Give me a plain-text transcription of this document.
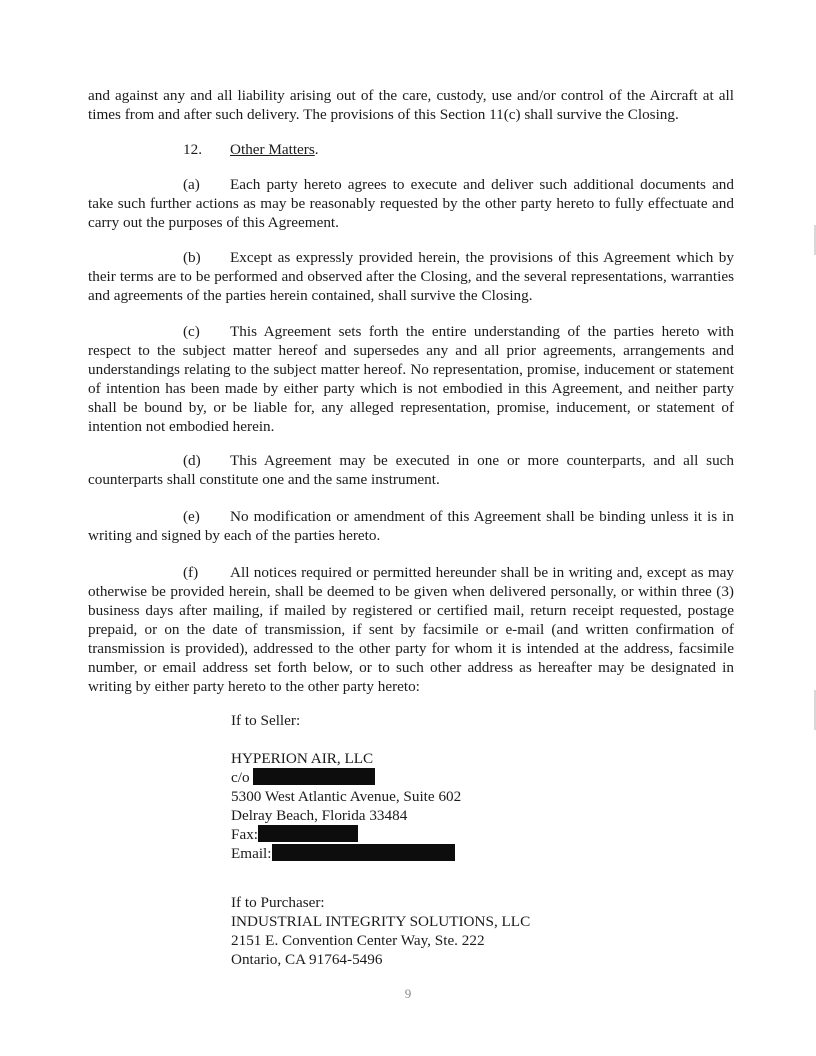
and against any and all liability arising out of the care, custody, use and/or control of the Aircraft at all times from and after such delivery. The provisions of this Section 11(c) shall survive the Closing.

12. Other Matters.

(a) Each party hereto agrees to execute and deliver such additional documents and take such further actions as may be reasonably requested by the other party hereto to fully effectuate and carry out the purposes of this Agreement.

(b) Except as expressly provided herein, the provisions of this Agreement which by their terms are to be performed and observed after the Closing, and the several representations, warranties and agreements of the parties herein contained, shall survive the Closing.

(c) This Agreement sets forth the entire understanding of the parties hereto with respect to the subject matter hereof and supersedes any and all prior agreements, arrangements and understandings relating to the subject matter hereof. No representation, promise, inducement or statement of intention has been made by either party which is not embodied in this Agreement, and neither party shall be bound by, or be liable for, any alleged representation, promise, inducement, or statement of intention not embodied herein.

(d) This Agreement may be executed in one or more counterparts, and all such counterparts shall constitute one and the same instrument.

(e) No modification or amendment of this Agreement shall be binding unless it is in writing and signed by each of the parties hereto.

(f) All notices required or permitted hereunder shall be in writing and, except as may otherwise be provided herein, shall be deemed to be given when delivered personally, or within three (3) business days after mailing, if mailed by registered or certified mail, return receipt requested, postage prepaid, or on the date of transmission, if sent by facsimile or e-mail (and written confirmation of transmission is provided), addressed to the other party for whom it is intended at the address, facsimile number, or email address set forth below, or to such other address as hereafter may be designated in writing by either party hereto to the other party hereto:

If to Seller:
HYPERION AIR, LLC
c/o
5300 West Atlantic Avenue, Suite 602
Delray Beach, Florida 33484
Fax:
Email:
If to Purchaser:
INDUSTRIAL INTEGRITY SOLUTIONS, LLC
2151 E. Convention Center Way, Ste. 222
Ontario, CA 91764-5496
9
